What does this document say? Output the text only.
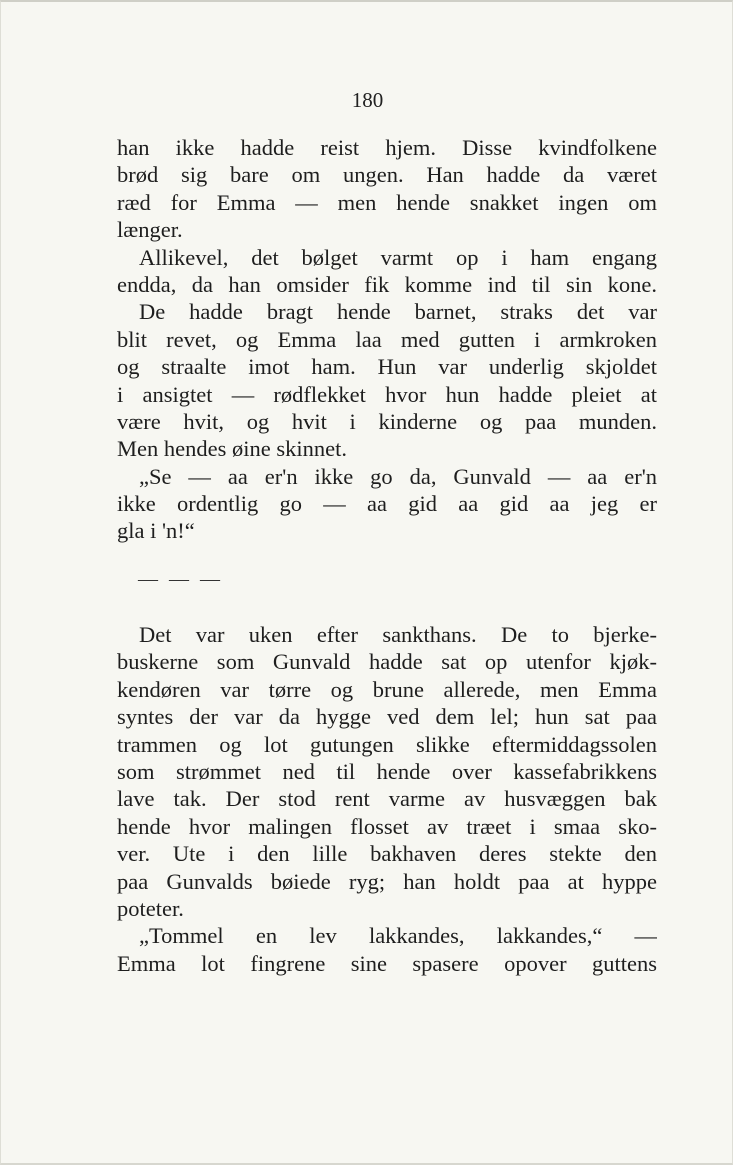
180
han ikke hadde reist hjem. Disse kvindfolkene
brød sig bare om ungen. Han hadde da været
ræd for Emma — men hende snakket ingen om
længer.
Allikevel, det bølget varmt op i ham engang
endda, da han omsider fik komme ind til sin kone.
De hadde bragt hende barnet, straks det var
blit revet, og Emma laa med gutten i armkroken
og straalte imot ham. Hun var underlig skjoldet
i ansigtet — rødflekket hvor hun hadde pleiet at
være hvit, og hvit i kinderne og paa munden.
Men hendes øine skinnet.
„Se — aa er'n ikke go da, Gunvald — aa er'n
ikke ordentlig go — aa gid aa gid aa jeg er
gla i 'n!“
— — —
Det var uken efter sankthans. De to bjerke-
buskerne som Gunvald hadde sat op utenfor kjøk-
kendøren var tørre og brune allerede, men Emma
syntes der var da hygge ved dem lel; hun sat paa
trammen og lot gutungen slikke eftermiddagssolen
som strømmet ned til hende over kassefabrikkens
lave tak. Der stod rent varme av husvæggen bak
hende hvor malingen flosset av træet i smaa sko-
ver. Ute i den lille bakhaven deres stekte den
paa Gunvalds bøiede ryg; han holdt paa at hyppe
poteter.
„Tommel en lev lakkandes, lakkandes,“ —
Emma lot fingrene sine spasere opover guttens
